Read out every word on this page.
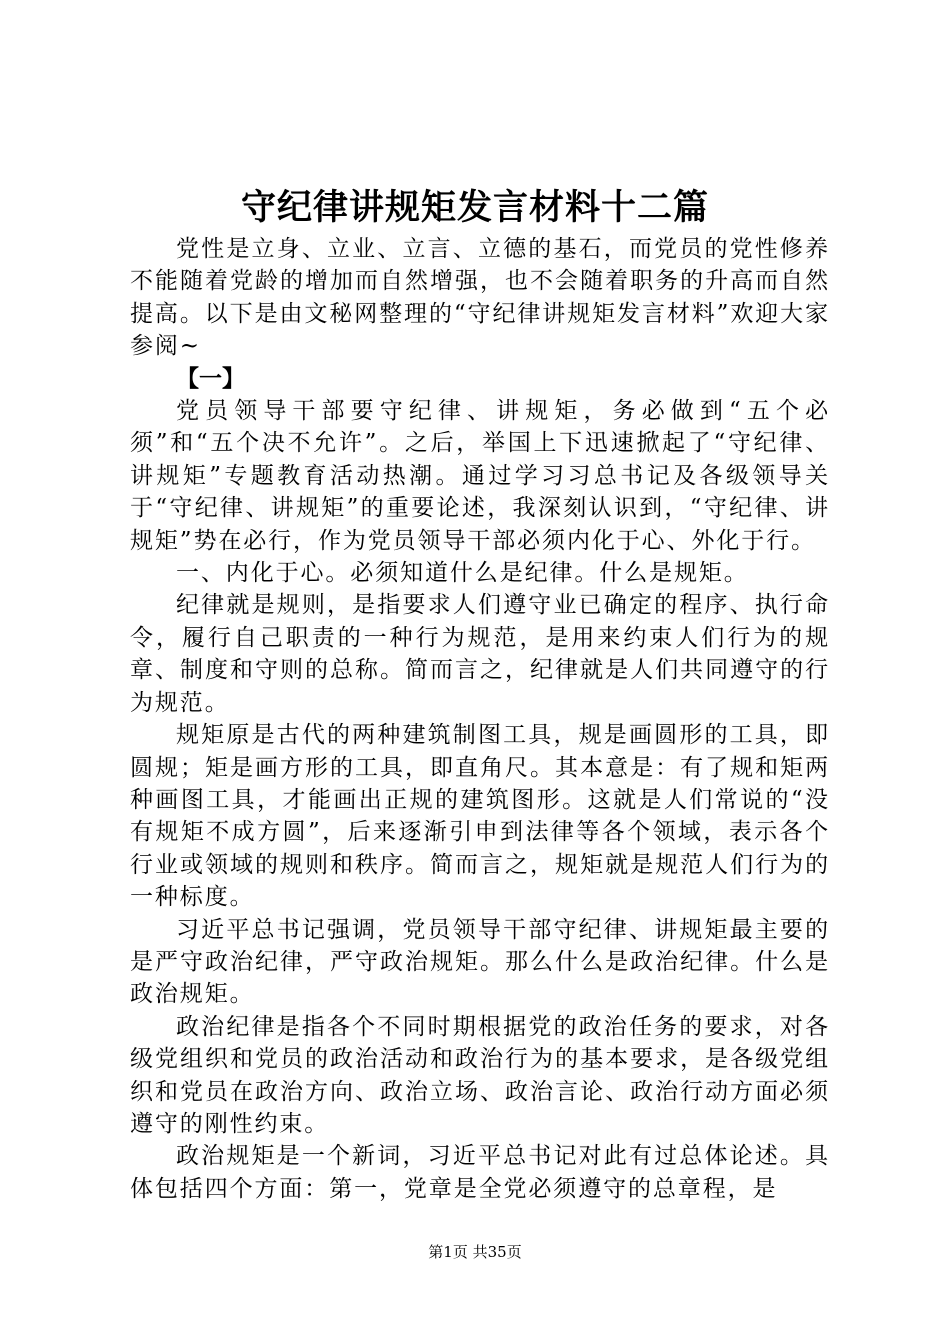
守纪律讲规矩发言材料十二篇

党性是立身、立业、立言、立德的基石，而党员的党性修养不能随着党龄的增加而自然增强，也不会随着职务的升高而自然提高。以下是由文秘网整理的“守纪律讲规矩发言材料”欢迎大家参阅~

【一】

党员领导干部要守纪律、讲规矩，务必做到“五个必须”和“五个决不允许”。之后，举国上下迅速掀起了“守纪律、讲规矩”专题教育活动热潮。通过学习习总书记及各级领导关于“守纪律、讲规矩”的重要论述，我深刻认识到，“守纪律、讲规矩”势在必行，作为党员领导干部必须内化于心、外化于行。

一、内化于心。必须知道什么是纪律。什么是规矩。

纪律就是规则，是指要求人们遵守业已确定的程序、执行命令，履行自己职责的一种行为规范，是用来约束人们行为的规章、制度和守则的总称。简而言之，纪律就是人们共同遵守的行为规范。

规矩原是古代的两种建筑制图工具，规是画圆形的工具，即圆规；矩是画方形的工具，即直角尺。其本意是：有了规和矩两种画图工具，才能画出正规的建筑图形。这就是人们常说的“没有规矩不成方圆”，后来逐渐引申到法律等各个领域，表示各个行业或领域的规则和秩序。简而言之，规矩就是规范人们行为的一种标度。

习近平总书记强调，党员领导干部守纪律、讲规矩最主要的是严守政治纪律，严守政治规矩。那么什么是政治纪律。什么是政治规矩。

政治纪律是指各个不同时期根据党的政治任务的要求，对各级党组织和党员的政治活动和政治行为的基本要求，是各级党组织和党员在政治方向、政治立场、政治言论、政治行动方面必须遵守的刚性约束。

政治规矩是一个新词，习近平总书记对此有过总体论述。具体包括四个方面：第一，党章是全党必须遵守的总章程，是

第1页 共35页
